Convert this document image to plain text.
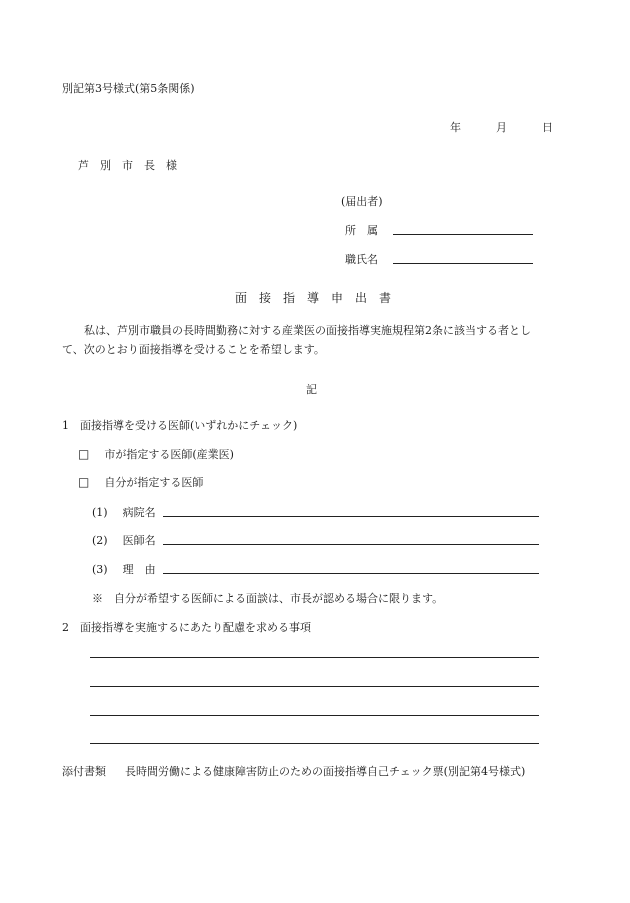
別記第3号様式(第5条関係)
年	月	日
芦　別　市　長　様
(届出者)
所　属
職氏名
面　接　指　導　申　出　書

　　私は、芦別市職員の長時間勤務に対する産業医の面接指導実施規程第2条に該当する者とし

て、次のとおり面接指導を受けることを希望します。

記
1　面接指導を受ける医師(いずれかにチェック)
□ 市が指定する医師(産業医)
□ 自分が指定する医師
(1) 病院名
(2) 医師名
(3) 理　由
※　自分が希望する医師による面談は、市長が認める場合に限ります。
2　面接指導を実施するにあたり配慮を求める事項
添付書類 長時間労働による健康障害防止のための面接指導自己チェック票(別記第4号様式)
